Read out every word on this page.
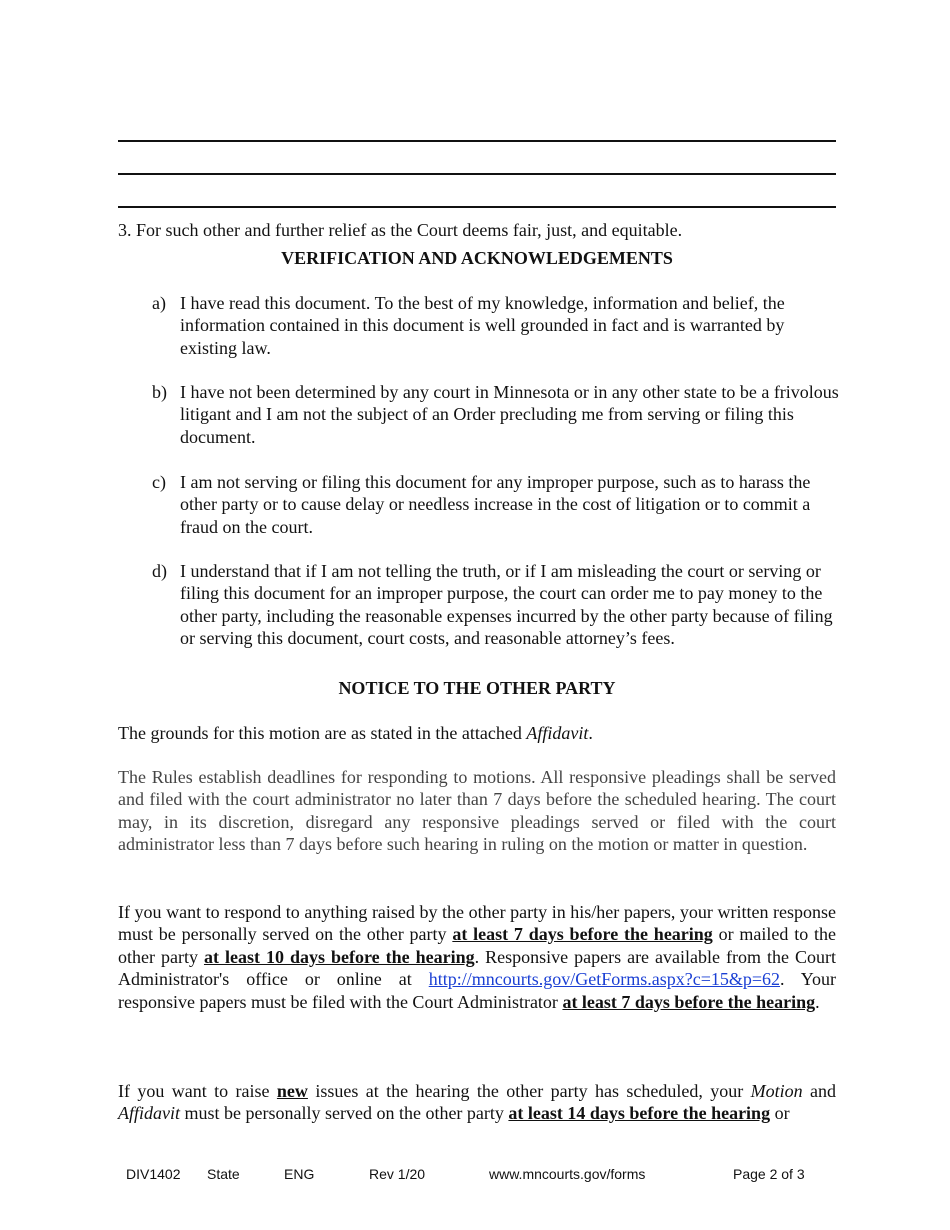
3. For such other and further relief as the Court deems fair, just, and equitable.
VERIFICATION AND ACKNOWLEDGEMENTS
a) I have read this document. To the best of my knowledge, information and belief, the information contained in this document is well grounded in fact and is warranted by existing law.
b) I have not been determined by any court in Minnesota or in any other state to be a frivolous litigant and I am not the subject of an Order precluding me from serving or filing this document.
c) I am not serving or filing this document for any improper purpose, such as to harass the other party or to cause delay or needless increase in the cost of litigation or to commit a fraud on the court.
d) I understand that if I am not telling the truth, or if I am misleading the court or serving or filing this document for an improper purpose, the court can order me to pay money to the other party, including the reasonable expenses incurred by the other party because of filing or serving this document, court costs, and reasonable attorney’s fees.
NOTICE TO THE OTHER PARTY
The grounds for this motion are as stated in the attached Affidavit.
The Rules establish deadlines for responding to motions. All responsive pleadings shall be served and filed with the court administrator no later than 7 days before the scheduled hearing. The court may, in its discretion, disregard any responsive pleadings served or filed with the court administrator less than 7 days before such hearing in ruling on the motion or matter in question.
If you want to respond to anything raised by the other party in his/her papers, your written response must be personally served on the other party at least 7 days before the hearing or mailed to the other party at least 10 days before the hearing. Responsive papers are available from the Court Administrator's office or online at http://mncourts.gov/GetForms.aspx?c=15&p=62. Your responsive papers must be filed with the Court Administrator at least 7 days before the hearing.
If you want to raise new issues at the hearing the other party has scheduled, your Motion and Affidavit must be personally served on the other party at least 14 days before the hearing or
DIV1402 State	ENG	Rev 1/20	www.mncourts.gov/forms	Page 2 of 3
